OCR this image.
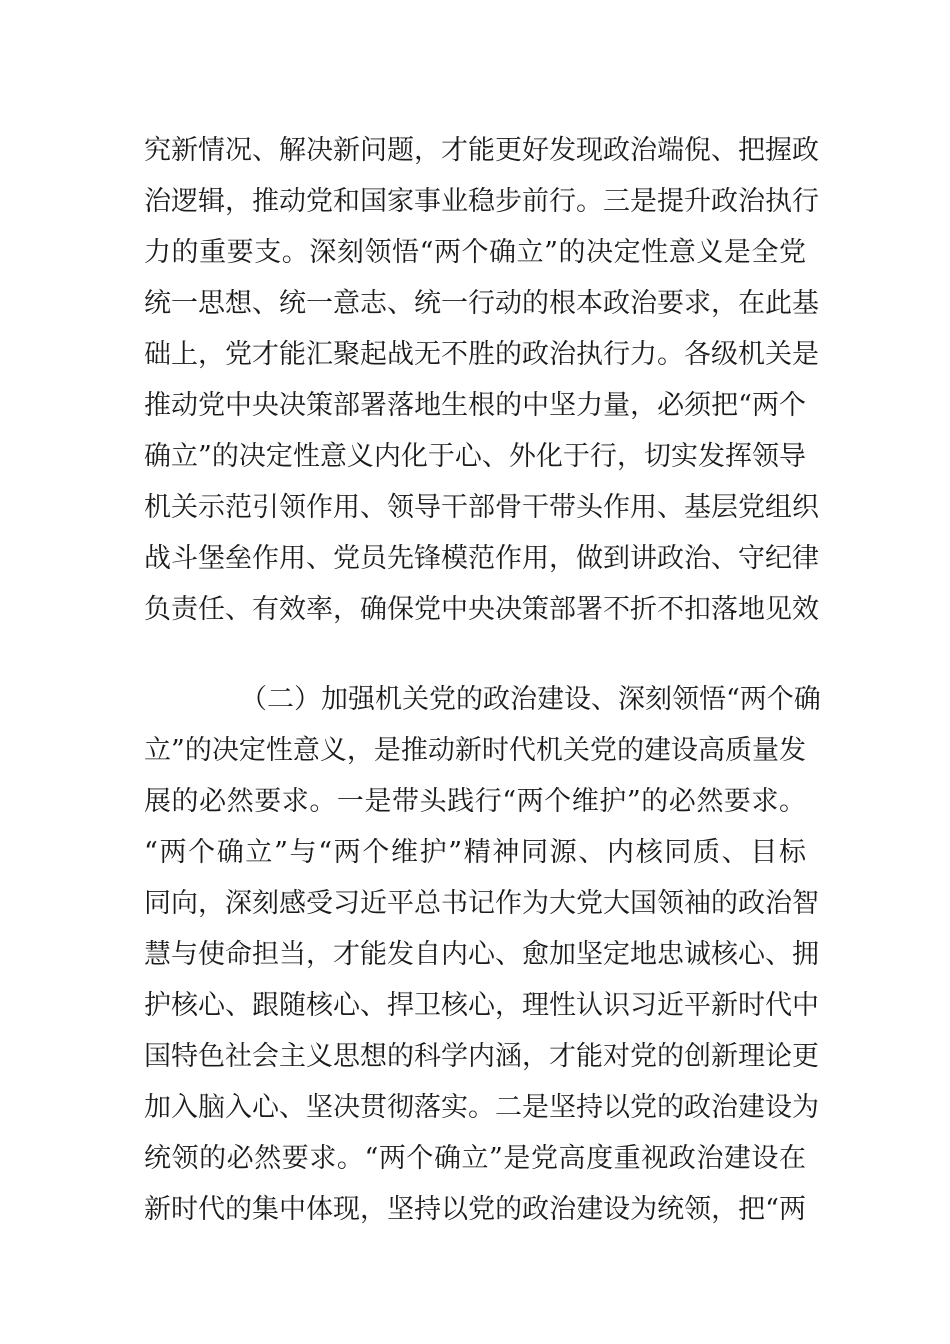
究新情况、解决新问题，才能更好发现政治端倪、把握政
治逻辑，推动党和国家事业稳步前行。三是提升政治执行
力的重要支。深刻领悟“两个确立”的决定性意义是全党
统一思想、统一意志、统一行动的根本政治要求，在此基
础上，党才能汇聚起战无不胜的政治执行力。各级机关是
推动党中央决策部署落地生根的中坚力量，必须把“两个
确立”的决定性意义内化于心、外化于行，切实发挥领导
机关示范引领作用、领导干部骨干带头作用、基层党组织
战斗堡垒作用、党员先锋模范作用，做到讲政治、守纪律
负责任、有效率，确保党中央决策部署不折不扣落地见效
（二）加强机关党的政治建设、深刻领悟“两个确
立”的决定性意义，是推动新时代机关党的建设高质量发
展的必然要求。一是带头践行“两个维护”的必然要求。
“两个确立”与“两个维护”精神同源、内核同质、目标
同向，深刻感受习近平总书记作为大党大国领袖的政治智
慧与使命担当，才能发自内心、愈加坚定地忠诚核心、拥
护核心、跟随核心、捍卫核心，理性认识习近平新时代中
国特色社会主义思想的科学内涵，才能对党的创新理论更
加入脑入心、坚决贯彻落实。二是坚持以党的政治建设为
统领的必然要求。“两个确立”是党高度重视政治建设在
新时代的集中体现，坚持以党的政治建设为统领，把“两
